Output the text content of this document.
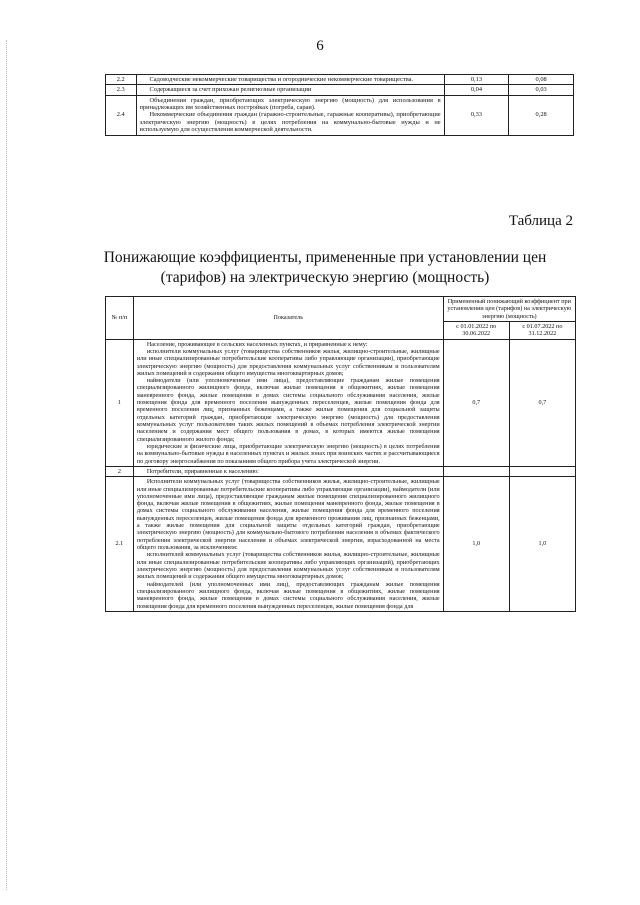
6
2.2	Садоводческие некоммерческие товарищества и огороднические некоммерческие товарищества.	0,13	0,08
2.3	Содержащиеся за счет прихожан религиозные организации	0,04	0,03
2.4	Объединения граждан, приобретающих электрическую энергию (мощность) для использования в принадлежащих им хозяйственных постройках (погреба, сараи).

Некоммерческие объединения граждан (гаражно-строительные, гаражные кооперативы), приобретающие электрическую энергию (мощность) в целях потребления на коммунально-бытовые нужды и не используемую для осуществления коммерческой деятельности.	0,33	0,28
Таблица 2
Понижающие коэффициенты, примененные при установлении цен (тарифов) на электрическую энергию (мощность)
№ п/п	Показатель	Примененный понижающий коэффициент при установлении цен (тарифов) на электрическую энергию (мощность)	
		с 01.01.2022 по 30.06.2022	с 01.07.2022 по 31.12.2022
1	Население, проживающее в сельских населенных пунктах, и приравненные к нему:

исполнители коммунальных услуг (товарищества собственников жилья, жилищно-строительные, жилищные или иные специализированные потребительские кооперативы либо управляющие организации), приобретающие электрическую энергию (мощность) для предоставления коммунальных услуг собственникам и пользователям жилых помещений и содержания общего имущества многоквартирных домов;

наймодатели (или уполномоченные ими лица), предоставляющие гражданам жилые помещения специализированного жилищного фонда, включая жилые помещения в общежитиях, жилые помещения маневренного фонда, жилые помещения в домах системы социального обслуживания населения, жилые помещения фонда для временного поселения вынужденных переселенцев, жилые помещения фонда для временного поселения лиц, признанных беженцами, а также жилые помещения для социальной защиты отдельных категорий граждан, приобретающие электрическую энергию (мощность) для предоставления коммунальных услуг пользователям таких жилых помещений в объемах потребления электрической энергии населением и содержания мест общего пользования в домах, в которых имеются жилые помещения специализированного жилого фонда;

юридические и физические лица, приобретающие электрическую энергию (мощность) в целях потребления на коммунально-бытовые нужды в населенных пунктах и жилых зонах при воинских частях и рассчитывающиеся по договору энергоснабжения по показаниям общего прибора учета электрической энергии.	0,7	0,7
2	Потребители, приравненные к населению:		

2.1	Исполнители коммунальных услуг (товарищества собственников жилья, жилищно-строительные, жилищные или иные специализированные потребительские кооперативы либо управляющие организации), наймодатели (или уполномоченные ими лица), предоставляющие гражданам жилые помещения специализированного жилищного фонда, включая жилые помещения в общежитиях, жилые помещения маневренного фонда, жилые помещения в домах системы социального обслуживания населения, жилые помещения фонда для временного поселения вынужденных переселенцев, жилые помещения фонда для временного проживания лиц, признанных беженцами, а также жилые помещения для социальной защиты отдельных категорий граждан, приобретающие электрическую энергию (мощность) для коммунально-бытового потребления населения в объемах фактического потребления электрической энергии населения и объемах электрической энергии, израсходованной на места общего пользования, за исключением:

исполнителей коммунальных услуг (товарищества собственников жилья, жилищно-строительные, жилищные или иные специализированные потребительские кооперативы либо управляющих организаций), приобретающих электрическую энергию (мощность) для предоставления коммунальных услуг собственникам и пользователям жилых помещений и содержания общего имущества многоквартирных домов;

наймодателей (или уполномоченных ими лиц), предоставляющих гражданам жилые помещения специализированного жилищного фонда, включая жилые помещения в общежитиях, жилые помещения маневренного фонда, жилые помещения в домах системы социального обслуживания населения, жилые помещения фонда для временного поселения вынужденных переселенцев, жилые помещения фонда для	1,0	1,0
